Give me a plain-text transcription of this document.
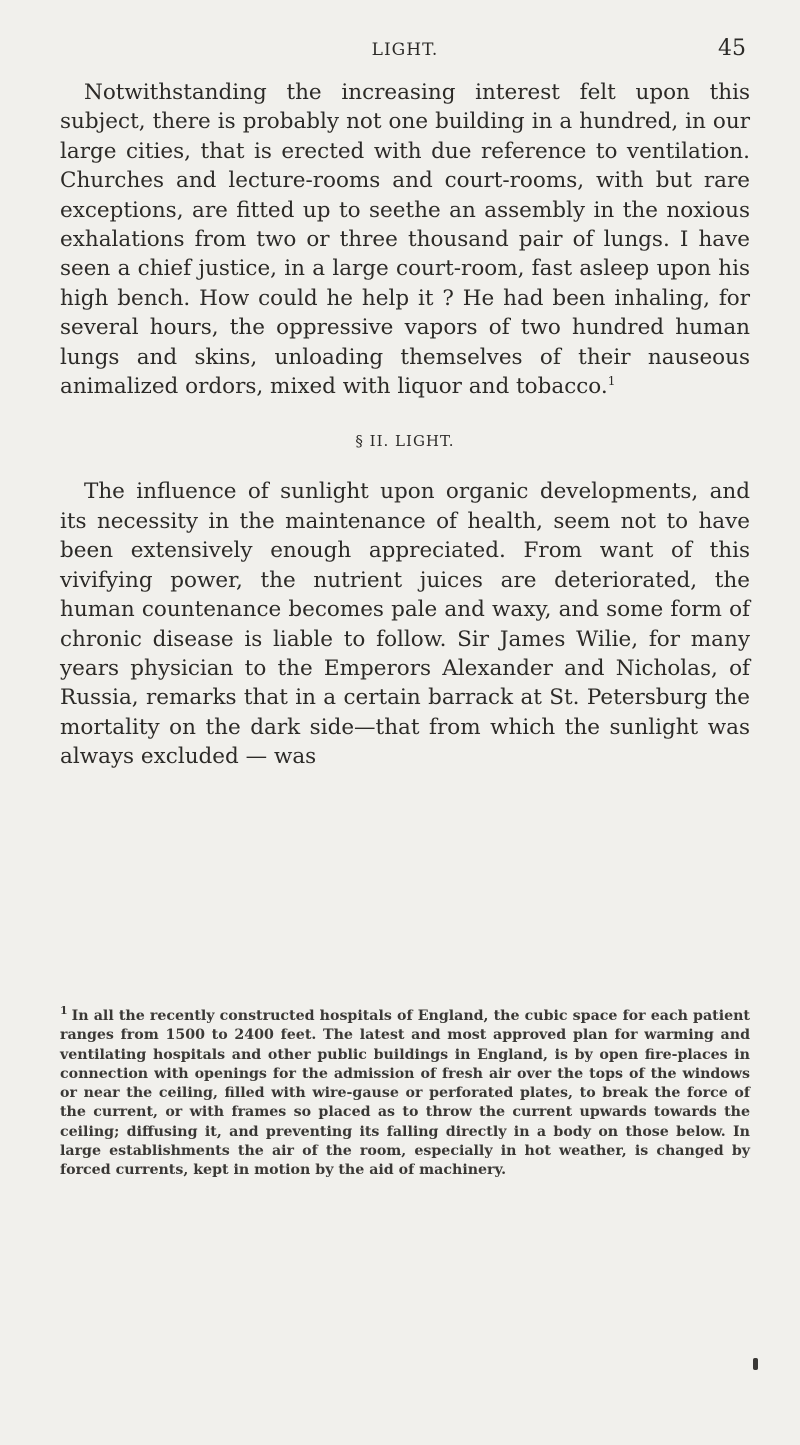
LIGHT.	45

Notwithstanding the increasing interest felt upon this subject, there is probably not one building in a hundred, in our large cities, that is erected with due reference to ventilation. Churches and lecture-rooms and court-rooms, with but rare exceptions, are fitted up to seethe an assembly in the noxious exhalations from two or three thousand pair of lungs. I have seen a chief justice, in a large court-room, fast asleep upon his high bench. How could he help it ? He had been inhaling, for several hours, the oppressive vapors of two hundred human lungs and skins, unloading themselves of their nauseous animalized ordors, mixed with liquor and tobacco.$^1$

§ II. LIGHT.

The influence of sunlight upon organic developments, and its necessity in the maintenance of health, seem not to have been extensively enough appreciated. From want of this vivifying power, the nutrient juices are deteriorated, the human countenance becomes pale and waxy, and some form of chronic disease is liable to follow. Sir James Wilie, for many years physician to the Emperors Alexander and Nicholas, of Russia, remarks that in a certain barrack at St. Petersburg the mortality on the dark side—that from which the sunlight was always excluded — was

$^1$ In all the recently constructed hospitals of England, the cubic space for each patient ranges from 1500 to 2400 feet. The latest and most approved plan for warming and ventilating hospitals and other public buildings in England, is by open fire-places in connection with openings for the admission of fresh air over the tops of the windows or near the ceiling, filled with wire-gause or perforated plates, to break the force of the current, or with frames so placed as to throw the current upwards towards the ceiling; diffusing it, and preventing its falling directly in a body on those below. In large establishments the air of the room, especially in hot weather, is changed by forced currents, kept in motion by the aid of machinery.
